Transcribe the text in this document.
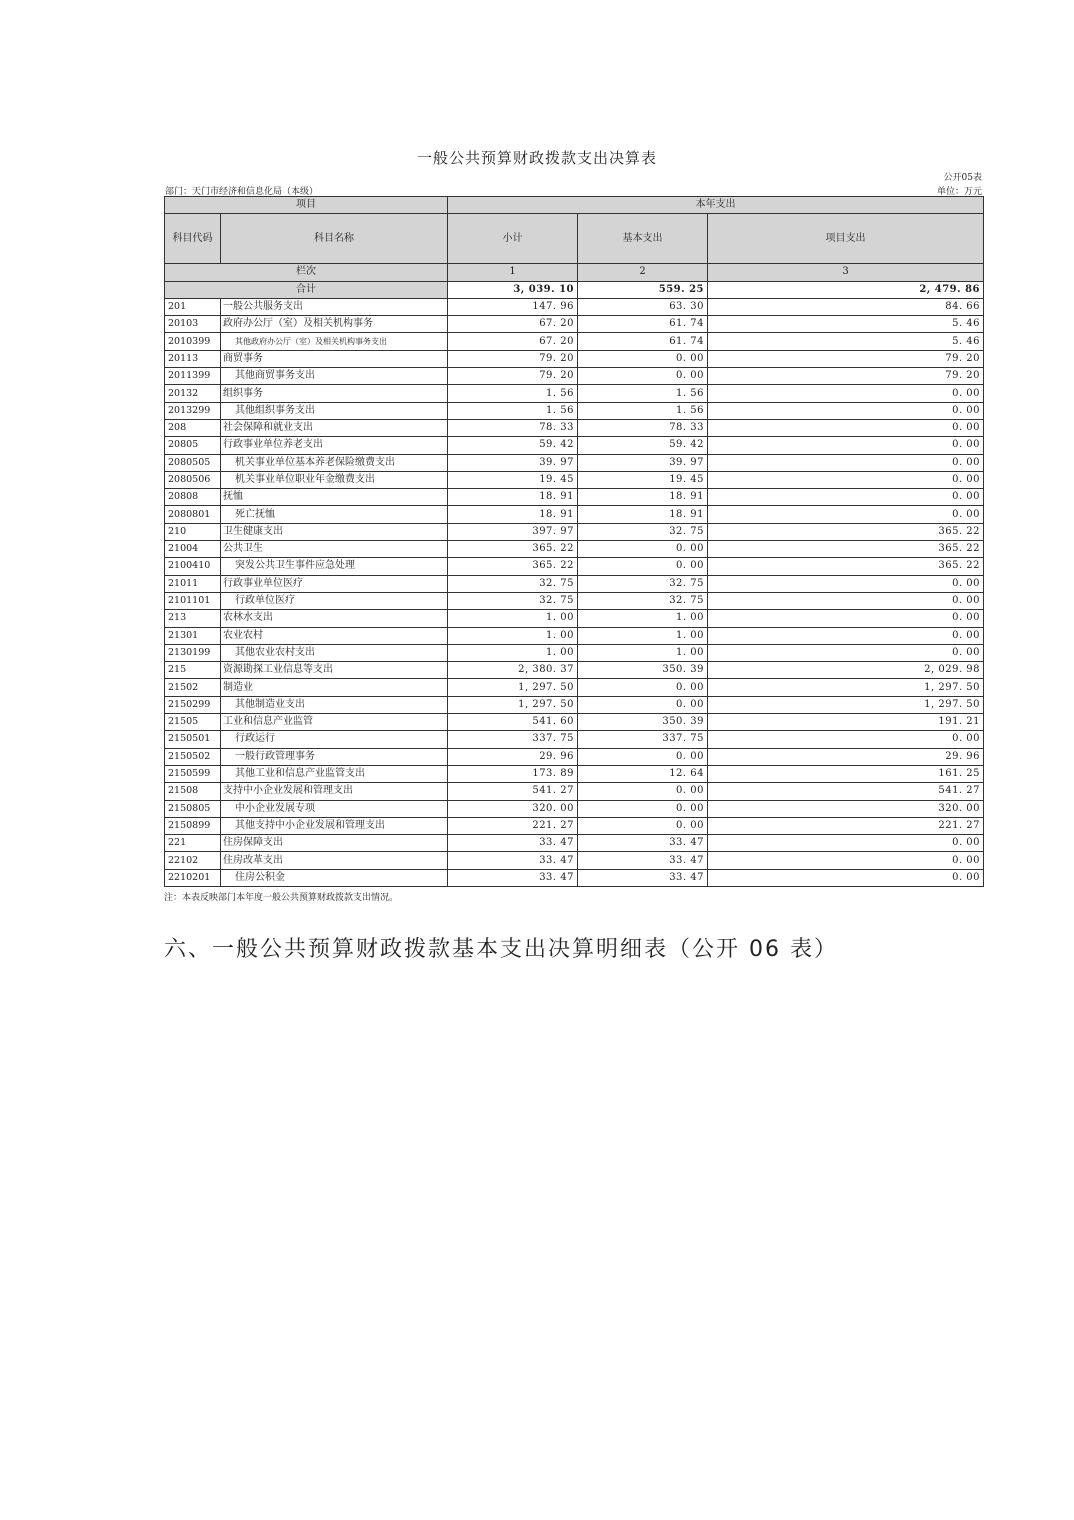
一般公共预算财政拨款支出决算表
公开05表
部门：天门市经济和信息化局（本级）	单位：万元
项目		本年支出		
科目代码	科目名称	小计	基本支出	项目支出
栏次		1	2	3
合计		3, 039. 10	559. 25	2, 479. 86
201	一般公共服务支出	147. 96	63. 30	84. 66
20103	政府办公厅（室）及相关机构事务	67. 20	61. 74	5. 46
2010399	其他政府办公厅（室）及相关机构事务支出	67. 20	61. 74	5. 46
20113	商贸事务	79. 20	0. 00	79. 20
2011399	其他商贸事务支出	79. 20	0. 00	79. 20
20132	组织事务	1. 56	1. 56	0. 00
2013299	其他组织事务支出	1. 56	1. 56	0. 00
208	社会保障和就业支出	78. 33	78. 33	0. 00
20805	行政事业单位养老支出	59. 42	59. 42	0. 00
2080505	机关事业单位基本养老保险缴费支出	39. 97	39. 97	0. 00
2080506	机关事业单位职业年金缴费支出	19. 45	19. 45	0. 00
20808	抚恤	18. 91	18. 91	0. 00
2080801	死亡抚恤	18. 91	18. 91	0. 00
210	卫生健康支出	397. 97	32. 75	365. 22
21004	公共卫生	365. 22	0. 00	365. 22
2100410	突发公共卫生事件应急处理	365. 22	0. 00	365. 22
21011	行政事业单位医疗	32. 75	32. 75	0. 00
2101101	行政单位医疗	32. 75	32. 75	0. 00
213	农林水支出	1. 00	1. 00	0. 00
21301	农业农村	1. 00	1. 00	0. 00
2130199	其他农业农村支出	1. 00	1. 00	0. 00
215	资源勘探工业信息等支出	2, 380. 37	350. 39	2, 029. 98
21502	制造业	1, 297. 50	0. 00	1, 297. 50
2150299	其他制造业支出	1, 297. 50	0. 00	1, 297. 50
21505	工业和信息产业监管	541. 60	350. 39	191. 21
2150501	行政运行	337. 75	337. 75	0. 00
2150502	一般行政管理事务	29. 96	0. 00	29. 96
2150599	其他工业和信息产业监管支出	173. 89	12. 64	161. 25
21508	支持中小企业发展和管理支出	541. 27	0. 00	541. 27
2150805	中小企业发展专项	320. 00	0. 00	320. 00
2150899	其他支持中小企业发展和管理支出	221. 27	0. 00	221. 27
221	住房保障支出	33. 47	33. 47	0. 00
22102	住房改革支出	33. 47	33. 47	0. 00
2210201	住房公积金	33. 47	33. 47	0. 00
注：本表反映部门本年度一般公共预算财政拨款支出情况。
六、一般公共预算财政拨款基本支出决算明细表（公开 06 表）
